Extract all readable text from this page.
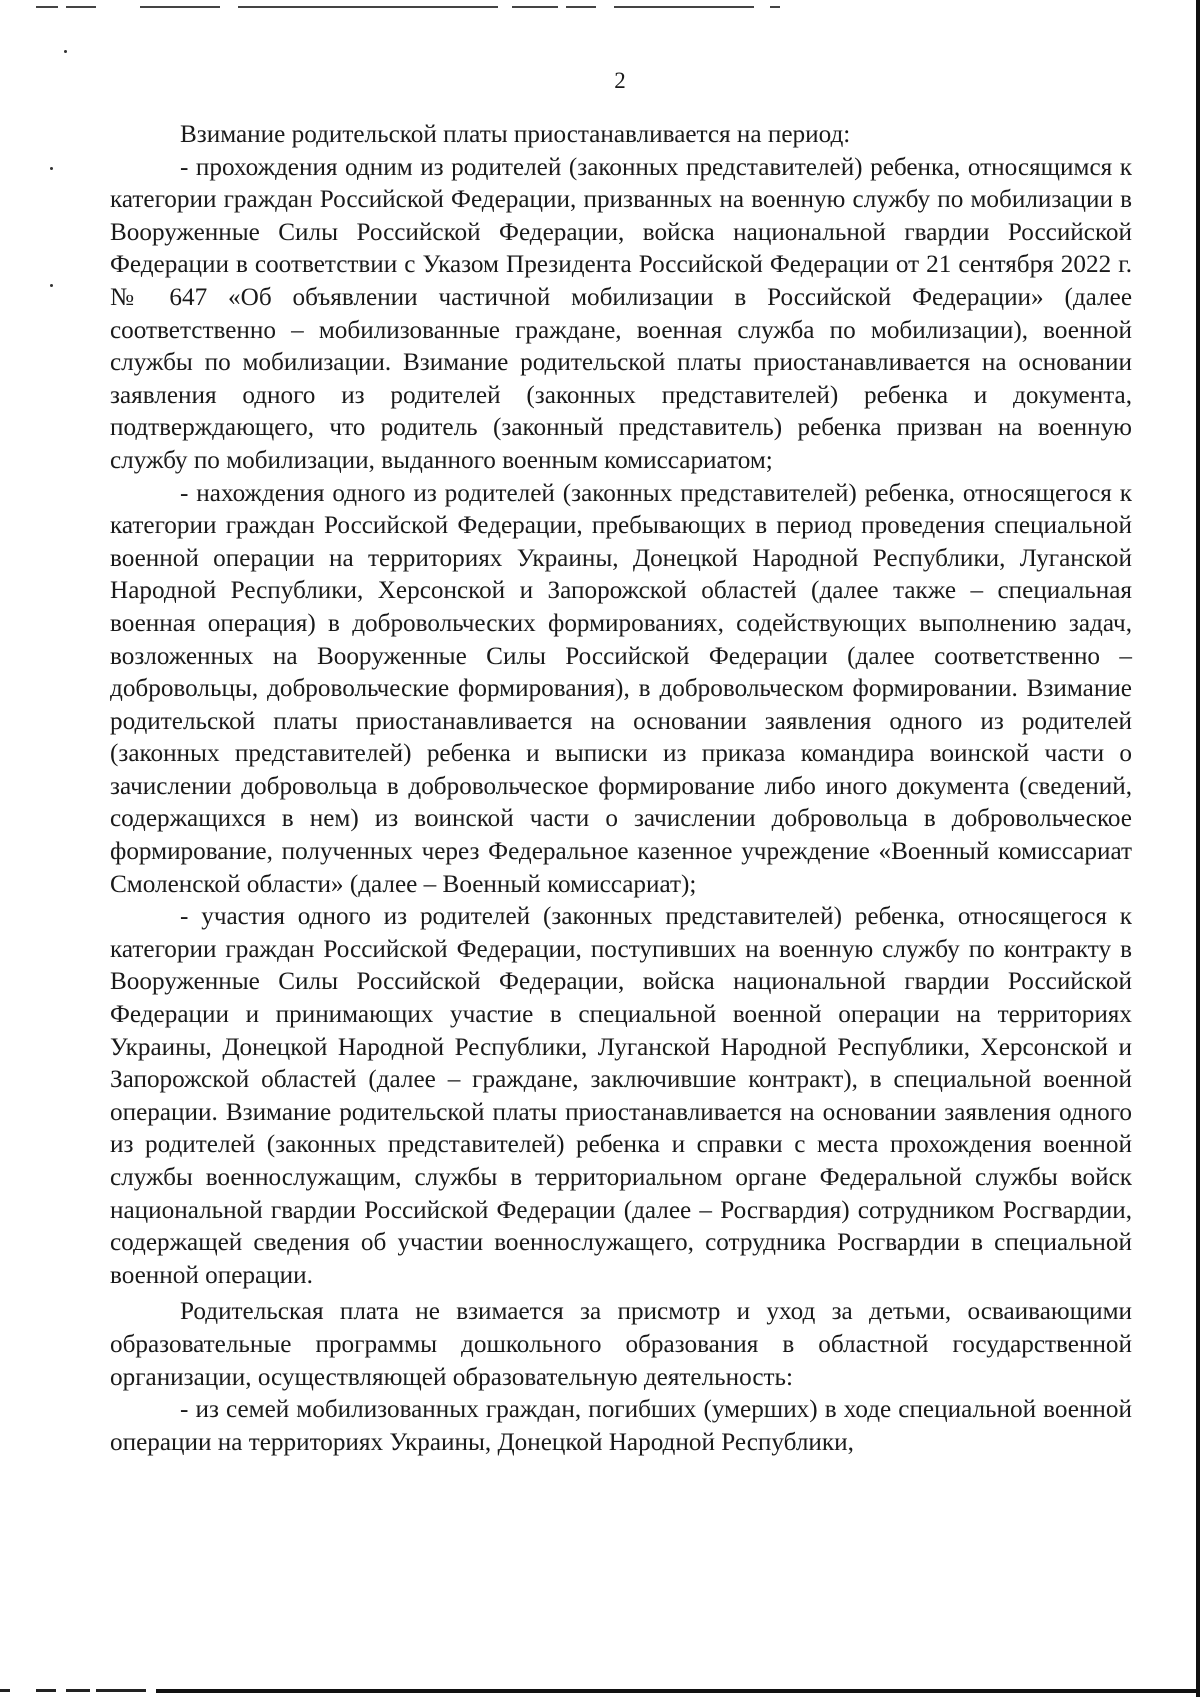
2

Взимание родительской платы приостанавливается на период:

- прохождения одним из родителей (законных представителей) ребенка, относящимся к категории граждан Российской Федерации, призванных на военную службу по мобилизации в Вооруженные Силы Российской Федерации, войска национальной гвардии Российской Федерации в соответствии с Указом Президента Российской Федерации от 21 сентября 2022 г. № 647 «Об объявлении частичной мобилизации в Российской Федерации» (далее соответственно – мобилизованные граждане, военная служба по мобилизации), военной службы по мобилизации. Взимание родительской платы приостанавливается на основании заявления одного из родителей (законных представителей) ребенка и документа, подтверждающего, что родитель (законный представитель) ребенка призван на военную службу по мобилизации, выданного военным комиссариатом;

- нахождения одного из родителей (законных представителей) ребенка, относящегося к категории граждан Российской Федерации, пребывающих в период проведения специальной военной операции на территориях Украины, Донецкой Народной Республики, Луганской Народной Республики, Херсонской и Запорожской областей (далее также – специальная военная операция) в добровольческих формированиях, содействующих выполнению задач, возложенных на Вооруженные Силы Российской Федерации (далее соответственно – добровольцы, добровольческие формирования), в добровольческом формировании. Взимание родительской платы приостанавливается на основании заявления одного из родителей (законных представителей) ребенка и выписки из приказа командира воинской части о зачислении добровольца в добровольческое формирование либо иного документа (сведений, содержащихся в нем) из воинской части о зачислении добровольца в добровольческое формирование, полученных через Федеральное казенное учреждение «Военный комиссариат Смоленской области» (далее – Военный комиссариат);

- участия одного из родителей (законных представителей) ребенка, относящегося к категории граждан Российской Федерации, поступивших на военную службу по контракту в Вооруженные Силы Российской Федерации, войска национальной гвардии Российской Федерации и принимающих участие в специальной военной операции на территориях Украины, Донецкой Народной Республики, Луганской Народной Республики, Херсонской и Запорожской областей (далее – граждане, заключившие контракт), в специальной военной операции. Взимание родительской платы приостанавливается на основании заявления одного из родителей (законных представителей) ребенка и справки с места прохождения военной службы военнослужащим, службы в территориальном органе Федеральной службы войск национальной гвардии Российской Федерации (далее – Росгвардия) сотрудником Росгвардии, содержащей сведения об участии военнослужащего, сотрудника Росгвардии в специальной военной операции.

Родительская плата не взимается за присмотр и уход за детьми, осваивающими образовательные программы дошкольного образования в областной государственной организации, осуществляющей образовательную деятельность:

- из семей мобилизованных граждан, погибших (умерших) в ходе специальной военной операции на территориях Украины, Донецкой Народной Республики,
